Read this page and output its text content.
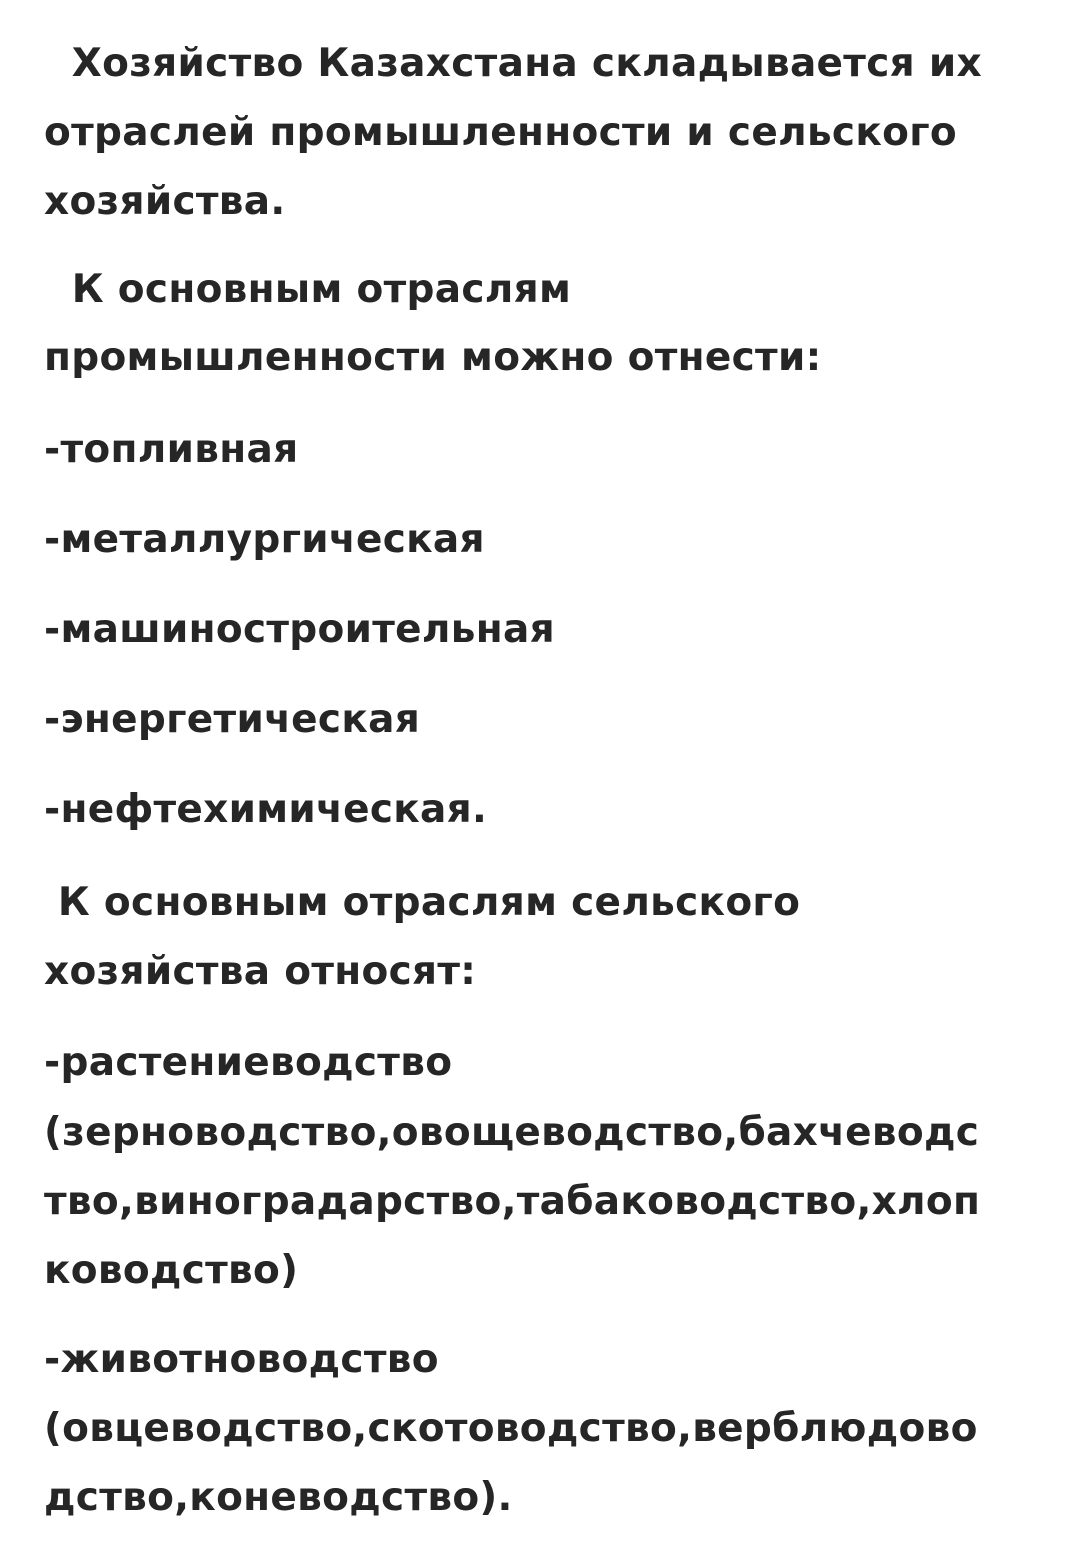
Хозяйство Казахстана складывается их
отраслей промышленности и сельского
хозяйства.
К основным отраслям
промышленности можно отнести:
-топливная
-металлургическая
-машиностроительная
-энергетическая
-нефтехимическая.
К основным отраслям сельского
хозяйства относят:
-растениеводство
(зерноводство,овощеводство,бахчеводс
тво,виноградарство,табаководство,хлоп
ководство)
-животноводство
(овцеводство,скотоводство,верблюдово
дство,коневодство).
